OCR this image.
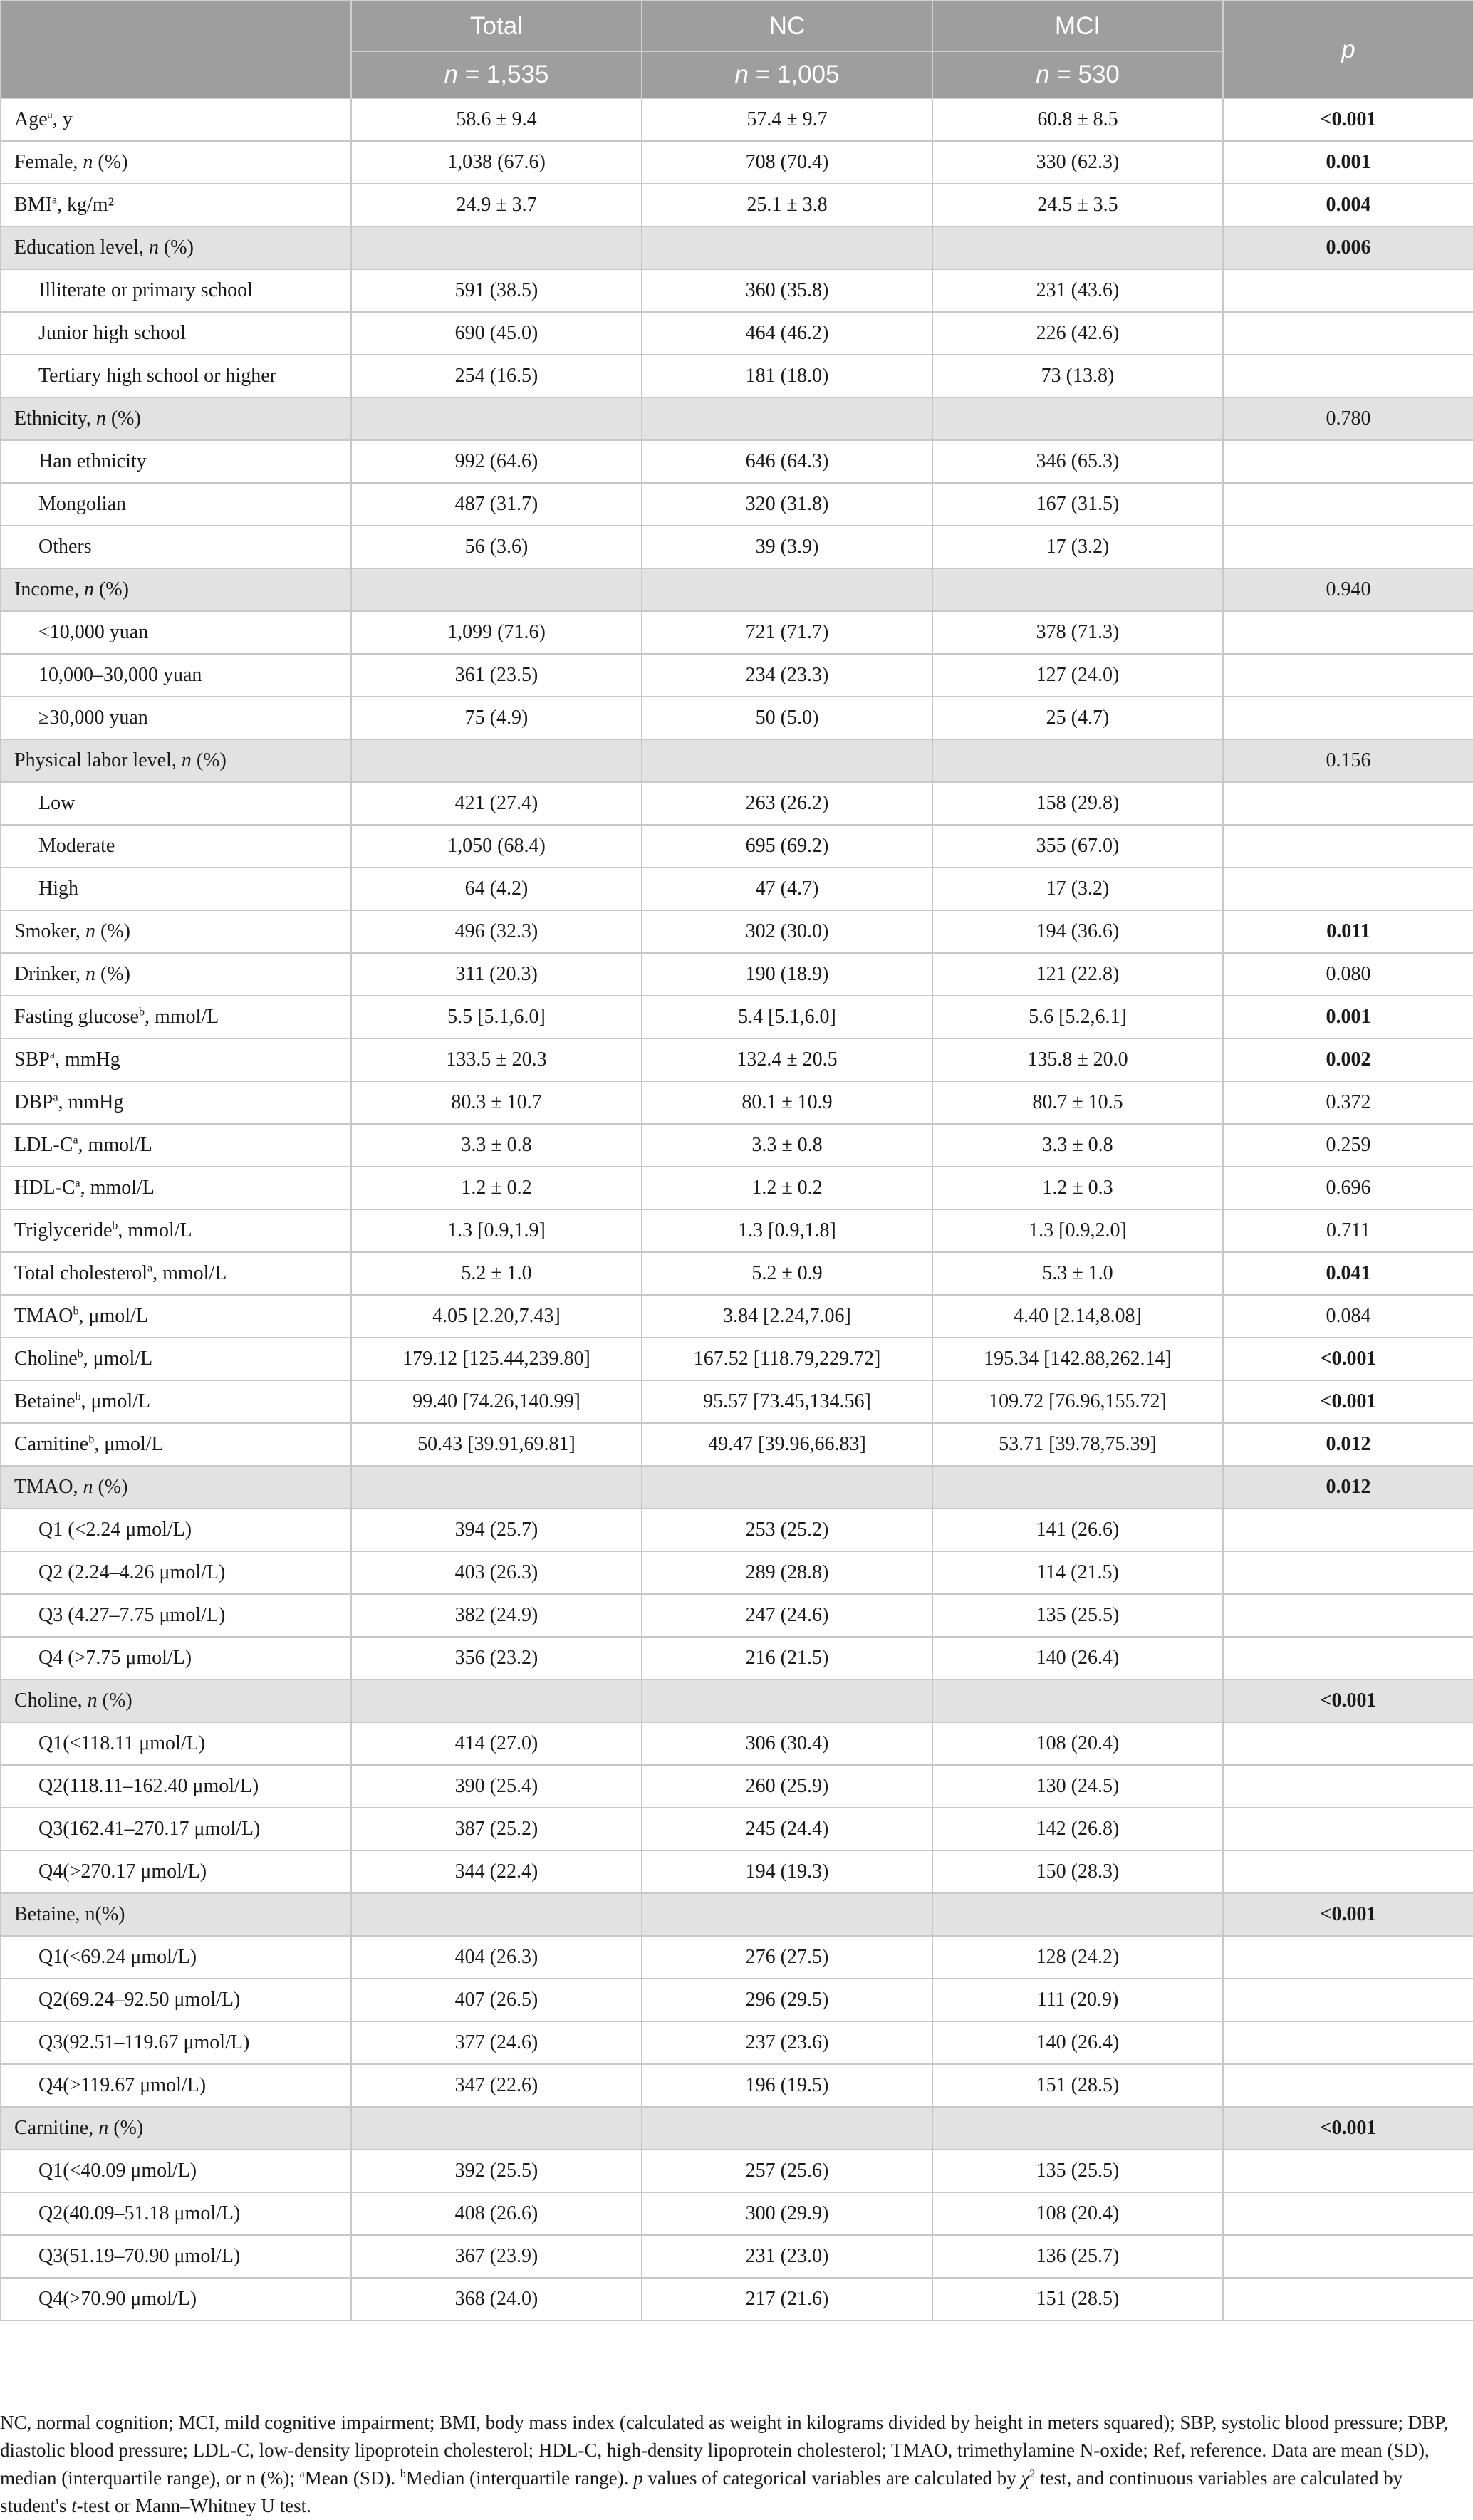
	Total	NC	MCI	p
	n = 1,535	n = 1,005	n = 530	
Age$^a$, y	58.6 ± 9.4	57.4 ± 9.7	60.8 ± 8.5	<0.001
Female, n (%)	1,038 (67.6)	708 (70.4)	330 (62.3)	0.001
BMI$^a$, kg/m²	24.9 ± 3.7	25.1 ± 3.8	24.5 ± 3.5	0.004
Education level, n (%)				0.006
Illiterate or primary school	591 (38.5)	360 (35.8)	231 (43.6)	
Junior high school	690 (45.0)	464 (46.2)	226 (42.6)	
Tertiary high school or higher	254 (16.5)	181 (18.0)	73 (13.8)	
Ethnicity, n (%)				0.780
Han ethnicity	992 (64.6)	646 (64.3)	346 (65.3)	
Mongolian	487 (31.7)	320 (31.8)	167 (31.5)	
Others	56 (3.6)	39 (3.9)	17 (3.2)	
Income, n (%)				0.940
<10,000 yuan	1,099 (71.6)	721 (71.7)	378 (71.3)	
10,000–30,000 yuan	361 (23.5)	234 (23.3)	127 (24.0)	
≥30,000 yuan	75 (4.9)	50 (5.0)	25 (4.7)	
Physical labor level, n (%)				0.156
Low	421 (27.4)	263 (26.2)	158 (29.8)	
Moderate	1,050 (68.4)	695 (69.2)	355 (67.0)	
High	64 (4.2)	47 (4.7)	17 (3.2)	
Smoker, n (%)	496 (32.3)	302 (30.0)	194 (36.6)	0.011
Drinker, n (%)	311 (20.3)	190 (18.9)	121 (22.8)	0.080
Fasting glucose$^b$, mmol/L	5.5 [5.1,6.0]	5.4 [5.1,6.0]	5.6 [5.2,6.1]	0.001
SBP$^a$, mmHg	133.5 ± 20.3	132.4 ± 20.5	135.8 ± 20.0	0.002
DBP$^a$, mmHg	80.3 ± 10.7	80.1 ± 10.9	80.7 ± 10.5	0.372
LDL-$C^a$, mmol/L	3.3 ± 0.8	3.3 ± 0.8	3.3 ± 0.8	0.259
HDL-$C^a$, mmol/L	1.2 ± 0.2	1.2 ± 0.2	1.2 ± 0.3	0.696
Triglyceride$^b$, mmol/L	1.3 [0.9,1.9]	1.3 [0.9,1.8]	1.3 [0.9,2.0]	0.711
Total cholesterol$^a$, mmol/L	5.2 ± 1.0	5.2 ± 0.9	5.3 ± 1.0	0.041
TMAO$^b$, μmol/L	4.05 [2.20,7.43]	3.84 [2.24,7.06]	4.40 [2.14,8.08]	0.084
Choline$^b$, μmol/L	179.12 [125.44,239.80]	167.52 [118.79,229.72]	195.34 [142.88,262.14]	<0.001
Betaine$^b$, μmol/L	99.40 [74.26,140.99]	95.57 [73.45,134.56]	109.72 [76.96,155.72]	<0.001
Carnitine$^b$, μmol/L	50.43 [39.91,69.81]	49.47 [39.96,66.83]	53.71 [39.78,75.39]	0.012
TMAO, n (%)				0.012
Q1 (<2.24 μmol/L)	394 (25.7)	253 (25.2)	141 (26.6)	
Q2 (2.24–4.26 μmol/L)	403 (26.3)	289 (28.8)	114 (21.5)	
Q3 (4.27–7.75 μmol/L)	382 (24.9)	247 (24.6)	135 (25.5)	
Q4 (>7.75 μmol/L)	356 (23.2)	216 (21.5)	140 (26.4)	
Choline, n (%)				<0.001
Q1(<118.11 μmol/L)	414 (27.0)	306 (30.4)	108 (20.4)	
Q2(118.11–162.40 μmol/L)	390 (25.4)	260 (25.9)	130 (24.5)	
Q3(162.41–270.17 μmol/L)	387 (25.2)	245 (24.4)	142 (26.8)	
Q4(>270.17 μmol/L)	344 (22.4)	194 (19.3)	150 (28.3)	
Betaine, n(%)				<0.001
Q1(<69.24 μmol/L)	404 (26.3)	276 (27.5)	128 (24.2)	
Q2(69.24–92.50 μmol/L)	407 (26.5)	296 (29.5)	111 (20.9)	
Q3(92.51–119.67 μmol/L)	377 (24.6)	237 (23.6)	140 (26.4)	
Q4(>119.67 μmol/L)	347 (22.6)	196 (19.5)	151 (28.5)	
Carnitine, n (%)				<0.001
Q1(<40.09 μmol/L)	392 (25.5)	257 (25.6)	135 (25.5)	
Q2(40.09–51.18 μmol/L)	408 (26.6)	300 (29.9)	108 (20.4)	
Q3(51.19–70.90 μmol/L)	367 (23.9)	231 (23.0)	136 (25.7)	
Q4(>70.90 μmol/L)	368 (24.0)	217 (21.6)	151 (28.5)	

NC, normal cognition; MCI, mild cognitive impairment; BMI, body mass index (calculated as weight in kilograms divided by height in meters squared); SBP, systolic blood pressure; DBP, diastolic blood pressure; LDL-C, low-density lipoprotein cholesterol; HDL-C, high-density lipoprotein cholesterol; TMAO, trimethylamine N-oxide; Ref, reference. Data are mean (SD), median (interquartile range), or n (%); $^a$Mean (SD). $^b$Median (interquartile range). p values of categorical variables are calculated by $\chi^2$ test, and continuous variables are calculated by student's t-test or Mann–Whitney U test.
